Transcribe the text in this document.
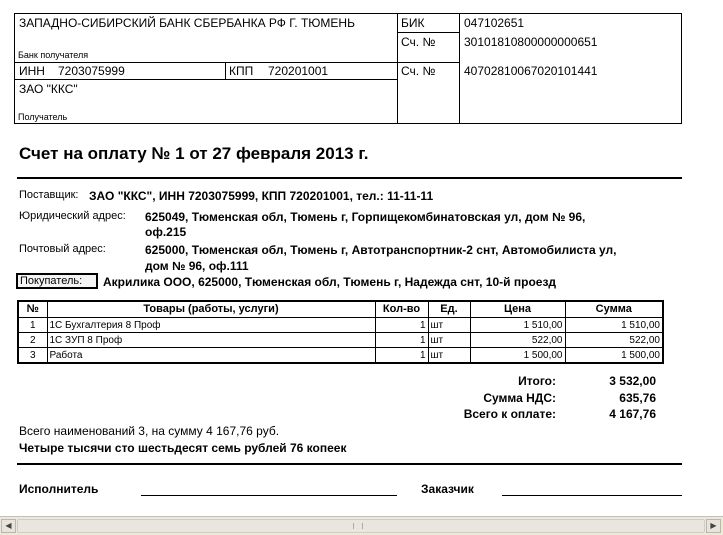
ЗАПАДНО-СИБИРСКИЙ БАНК СБЕРБАНКА РФ Г. ТЮМЕНЬ
Банк получателя
БИК	047102651
Сч. № 30101810800000000651
ИНН 7203075999	КПП 720201001	Сч. № 40702810067020101441
ЗАО "ККС"
Получатель
Счет на оплату № 1 от 27 февраля 2013 г.
Поставщик: ЗАО "ККС", ИНН 7203075999, КПП 720201001, тел.: 11-11-11
Юридический адрес: 625049, Тюменская обл, Тюмень г, Горпищекомбинатовская ул, дом № 96,
оф.215
Почтовый адрес:	625000, Тюменская обл, Тюмень г, Автотранспортник-2 снт, Автомобилиста ул,
дом № 96, оф.111
Покупатель:	Акрилика ООО, 625000, Тюменская обл, Тюмень г, Надежда снт, 10-й проезд
№	Товары (работы, услуги)	Кол-во	Ед.	Цена	Сумма
1	1С Бухгалтерия 8 Проф	1	шт	1 510,00	1 510,00
2	1С ЗУП 8 Проф	1	шт	522,00	522,00
3	Работа	1	шт	1 500,00	1 500,00
Итого:	3 532,00
Сумма НДС:	635,76
Всего к оплате:	4 167,76
Всего наименований 3, на сумму 4 167,76 руб.
Четыре тысячи сто шестьдесят семь рублей 76 копеек
Исполнитель	Заказчик
◀	▶
